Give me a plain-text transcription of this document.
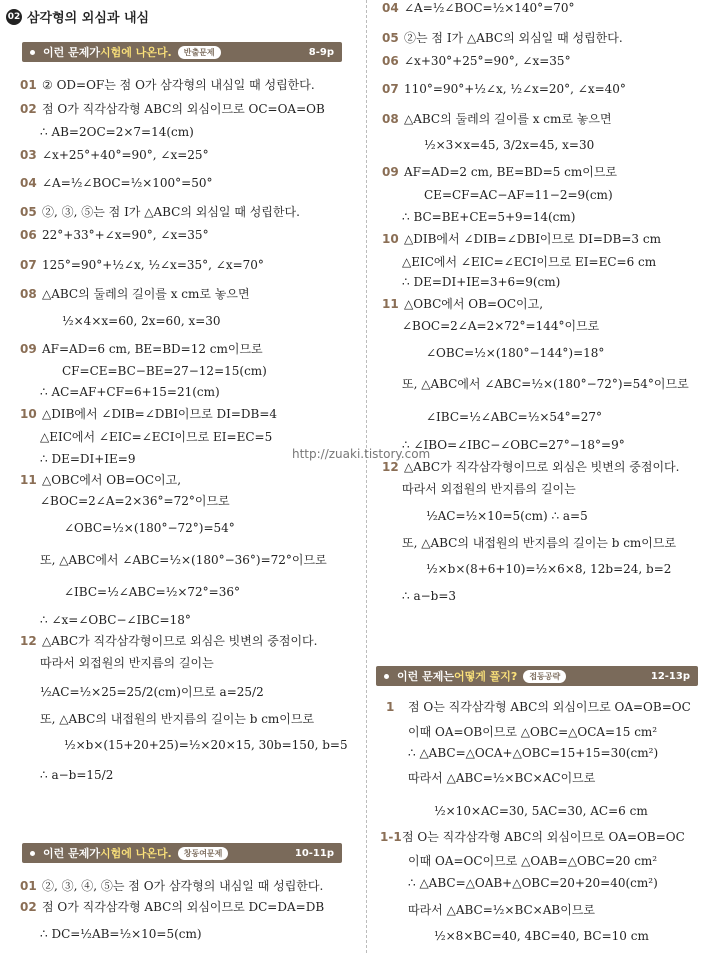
02 삼각형의 외심과 내심
이런 문제가 시험에 나온다.	반출문제	8-9p
이런 문제가 시험에 나온다.	창동여문제	10-11p
01 ② OD=OF는 점 O가 삼각형의 내심일 때 성립한다.
02 점 O가 직각삼각형 ABC의 외심이므로 OC=OA=OB
∴ AB=2OC=2×7=14(cm)
03 ∠x+25°+40°=90°, ∠x=25°
04 ∠A=½∠BOC=½×100°=50°
05 ②, ③, ⑤는 점 I가 △ABC의 외심일 때 성립한다.
06 22°+33°+∠x=90°, ∠x=35°
07 125°=90°+½∠x, ½∠x=35°, ∠x=70°
08 △ABC의 둘레의 길이를 x cm로 놓으면
½×4×x=60, 2x=60, x=30
09 AF=AD=6 cm, BE=BD=12 cm이므로
CF=CE=BC−BE=27−12=15(cm)
∴ AC=AF+CF=6+15=21(cm)
10 △DIB에서 ∠DIB=∠DBI이므로 DI=DB=4
△EIC에서 ∠EIC=∠ECI이므로 EI=EC=5
∴ DE=DI+IE=9
11 △OBC에서 OB=OC이고,
∠BOC=2∠A=2×36°=72°이므로
∠OBC=½×(180°−72°)=54°
또, △ABC에서 ∠ABC=½×(180°−36°)=72°이므로
∠IBC=½∠ABC=½×72°=36°
∴ ∠x=∠OBC−∠IBC=18°
12 △ABC가 직각삼각형이므로 외심은 빗변의 중점이다.
따라서 외접원의 반지름의 길이는
½AC=½×25=25/2(cm)이므로 a=25/2
또, △ABC의 내접원의 반지름의 길이는 b cm이므로
½×b×(15+20+25)=½×20×15, 30b=150, b=5
∴ a−b=15/2
01 ②, ③, ④, ⑤는 점 O가 삼각형의 내심일 때 성립한다.
02 점 O가 직각삼각형 ABC의 외심이므로 DC=DA=DB
∴ DC=½AB=½×10=5(cm)
이런 문제는 어떻게 풀지?	접동공략	12-13p
04 ∠A=½∠BOC=½×140°=70°
05 ②는 점 I가 △ABC의 외심일 때 성립한다.
06 ∠x+30°+25°=90°, ∠x=35°
07 110°=90°+½∠x, ½∠x=20°, ∠x=40°
08 △ABC의 둘레의 길이를 x cm로 놓으면
½×3×x=45, 3/2x=45, x=30
09 AF=AD=2 cm, BE=BD=5 cm이므로
CE=CF=AC−AF=11−2=9(cm)
∴ BC=BE+CE=5+9=14(cm)
10 △DIB에서 ∠DIB=∠DBI이므로 DI=DB=3 cm
△EIC에서 ∠EIC=∠ECI이므로 EI=EC=6 cm
∴ DE=DI+IE=3+6=9(cm)
11 △OBC에서 OB=OC이고,
∠BOC=2∠A=2×72°=144°이므로
∠OBC=½×(180°−144°)=18°
또, △ABC에서 ∠ABC=½×(180°−72°)=54°이므로
∠IBC=½∠ABC=½×54°=27°
∴ ∠IBO=∠IBC−∠OBC=27°−18°=9°
12 △ABC가 직각삼각형이므로 외심은 빗변의 중점이다.
따라서 외접원의 반지름의 길이는
½AC=½×10=5(cm) ∴ a=5
또, △ABC의 내접원의 반지름의 길이는 b cm이므로
½×b×(8+6+10)=½×6×8, 12b=24, b=2
∴ a−b=3
1 점 O는 직각삼각형 ABC의 외심이므로 OA=OB=OC
이때 OA=OB이므로 △OBC=△OCA=15 cm²
∴ △ABC=△OCA+△OBC=15+15=30(cm²)
따라서 △ABC=½×BC×AC이므로
½×10×AC=30, 5AC=30, AC=6 cm
1-1점 O는 직각삼각형 ABC의 외심이므로 OA=OB=OC
이때 OA=OC이므로 △OAB=△OBC=20 cm²
∴ △ABC=△OAB+△OBC=20+20=40(cm²)
따라서 △ABC=½×BC×AB이므로
½×8×BC=40, 4BC=40, BC=10 cm
http://zuaki.tistory.com
